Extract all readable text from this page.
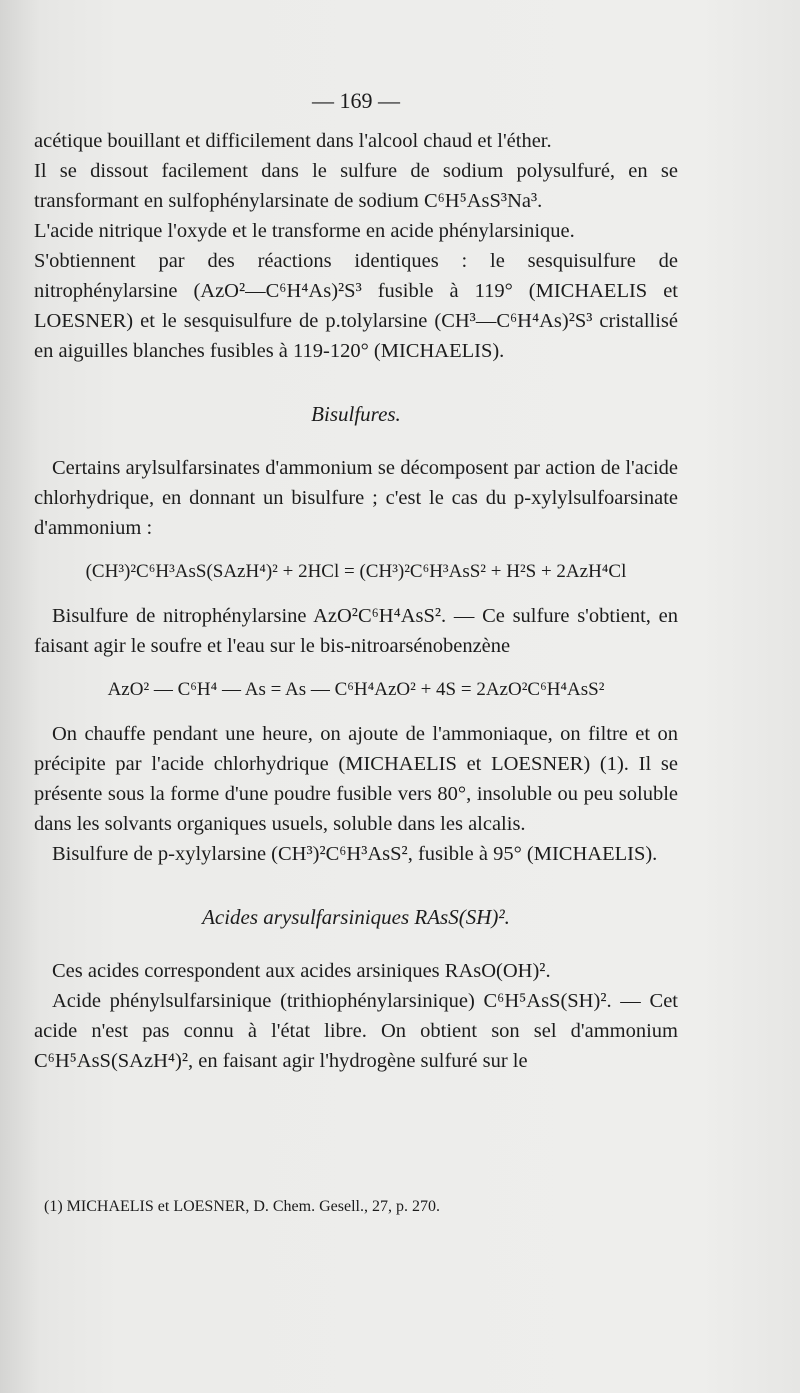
— 169 —

acétique bouillant et difficilement dans l'alcool chaud et l'éther.

Il se dissout facilement dans le sulfure de sodium polysulfuré, en se transformant en sulfophénylarsinate de sodium C⁶H⁵AsS³Na³.

L'acide nitrique l'oxyde et le transforme en acide phénylarsinique.

S'obtiennent par des réactions identiques : le sesquisulfure de nitrophénylarsine (AzO²—C⁶H⁴As)²S³ fusible à 119° (MICHAELIS et LOESNER) et le sesquisulfure de p.tolylarsine (CH³—C⁶H⁴As)²S³ cristallisé en aiguilles blanches fusibles à 119-120° (MICHAELIS).

Bisulfures.

Certains arylsulfarsinates d'ammonium se décomposent par action de l'acide chlorhydrique, en donnant un bisulfure ; c'est le cas du p-xylylsulfoarsinate d'ammonium :

(CH³)²C⁶H³AsS(SAzH⁴)² + 2HCl = (CH³)²C⁶H³AsS² + H²S + 2AzH⁴Cl

Bisulfure de nitrophénylarsine AzO²C⁶H⁴AsS². — Ce sulfure s'obtient, en faisant agir le soufre et l'eau sur le bis-nitroarsénobenzène

AzO² — C⁶H⁴ — As = As — C⁶H⁴AzO² + 4S = 2AzO²C⁶H⁴AsS²

On chauffe pendant une heure, on ajoute de l'ammoniaque, on filtre et on précipite par l'acide chlorhydrique (MICHAELIS et LOESNER) (1). Il se présente sous la forme d'une poudre fusible vers 80°, insoluble ou peu soluble dans les solvants organiques usuels, soluble dans les alcalis.

Bisulfure de p-xylylarsine (CH³)²C⁶H³AsS², fusible à 95° (MICHAELIS).

Acides arysulfarsiniques RAsS(SH)².

Ces acides correspondent aux acides arsiniques RAsO(OH)².

Acide phénylsulfarsinique (trithiophénylarsinique) C⁶H⁵AsS(SH)². — Cet acide n'est pas connu à l'état libre. On obtient son sel d'ammonium C⁶H⁵AsS(SAzH⁴)², en faisant agir l'hydrogène sulfuré sur le

(1) MICHAELIS et LOESNER, D. Chem. Gesell., 27, p. 270.
